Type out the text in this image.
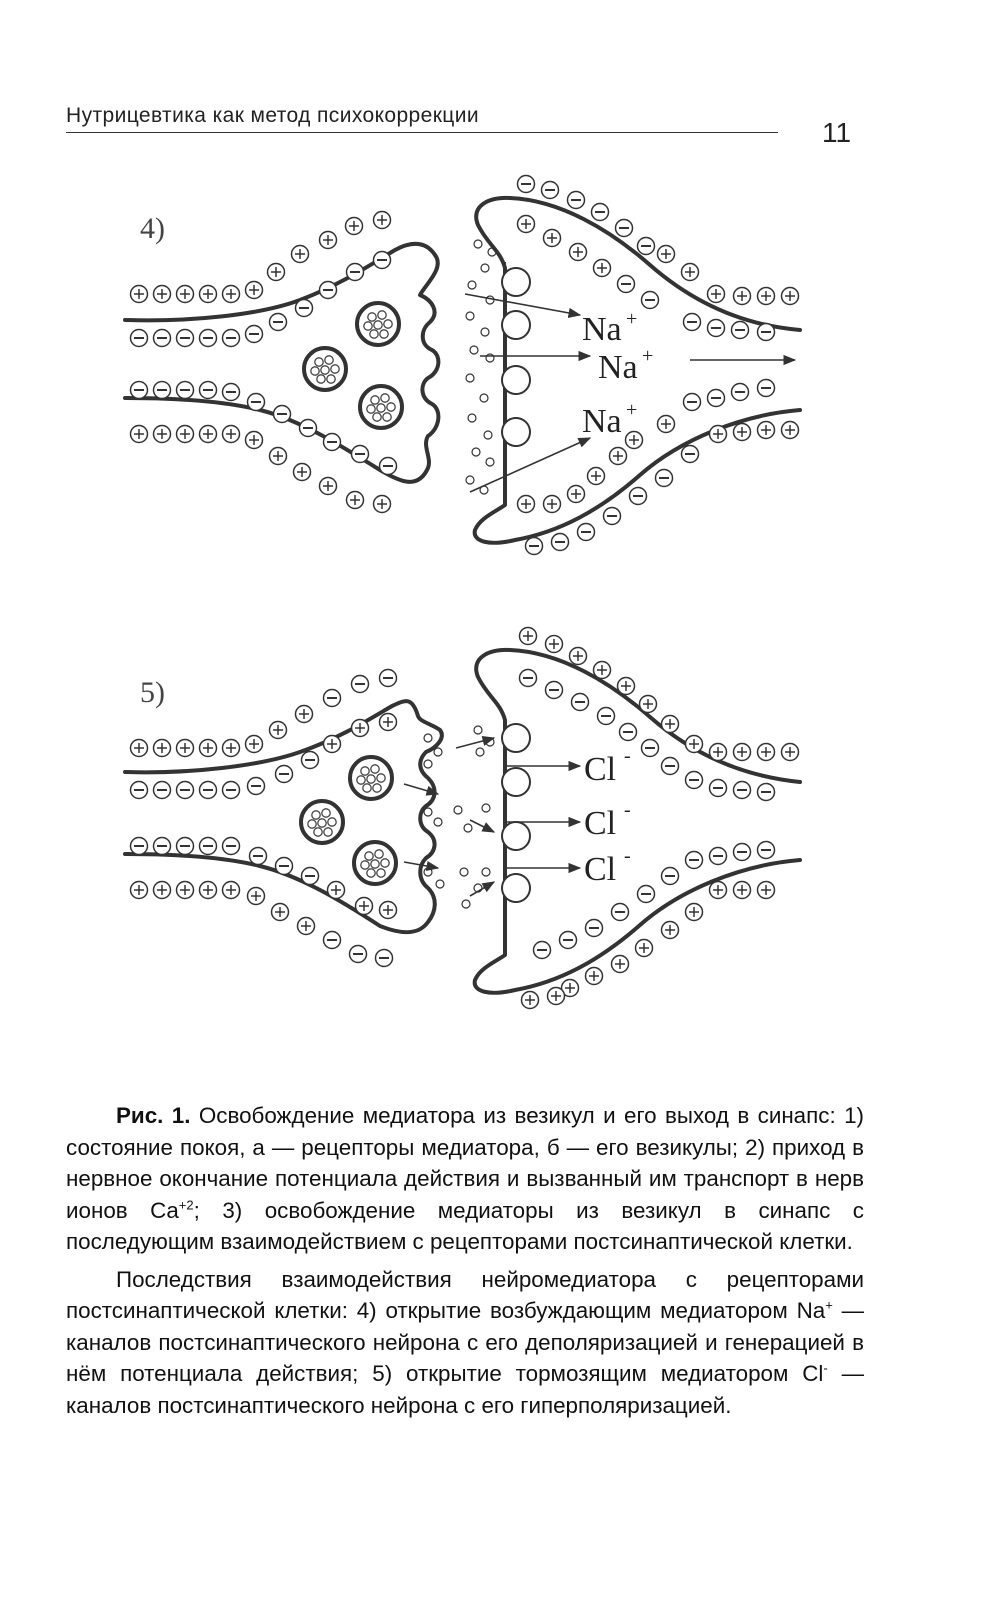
Нутрицевтика как метод психокоррекции
11
4)
Na +
Na +
Na +
5)
Cl -
Cl -
Cl -

Рис. 1. Освобождение медиатора из везикул и его выход в синапс: 1) состояние покоя, а — рецепторы медиатора, б — его везикулы; 2) приход в нервное окончание потенциала действия и вызванный им транспорт в нерв ионов $Ca^{+2}$; 3) освобождение медиаторы из везикул в синапс с последующим взаимодействием с рецепторами постсинаптической клетки.

Последствия взаимодействия нейромедиатора с рецепторами постсинаптической клетки: 4) открытие возбуждающим медиатором Na+ — каналов постсинаптического нейрона с его деполяризацией и генерацией в нём потенциала действия; 5) открытие тормозящим медиатором Cl- — каналов постсинаптического нейрона с его гиперполяризацией.
